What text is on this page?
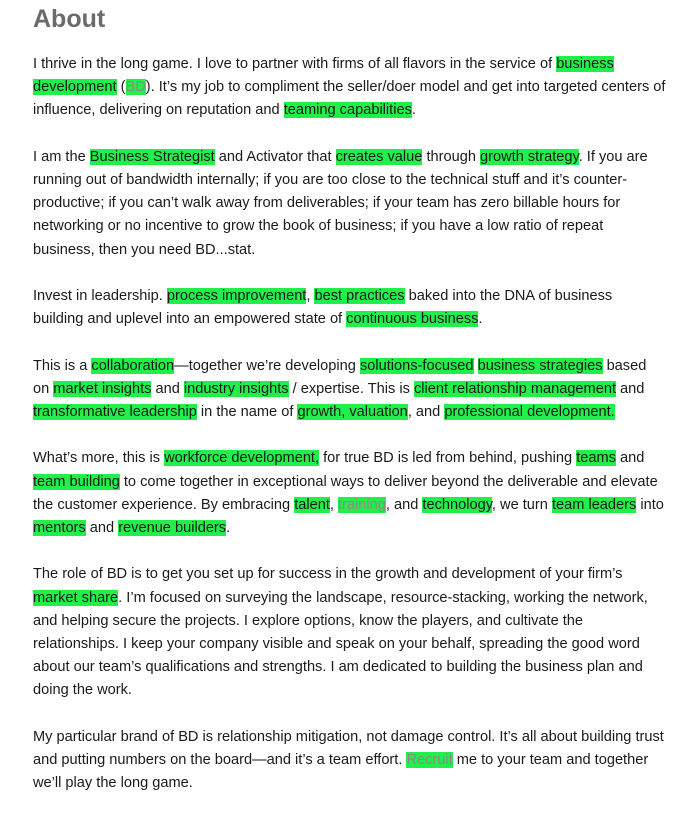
About

I thrive in the long game. I love to partner with firms of all flavors in the service of business development (BD). It’s my job to compliment the seller/doer model and get into targeted centers of influence, delivering on reputation and teaming capabilities.

I am the Business Strategist and Activator that creates value through growth strategy. If you are running out of bandwidth internally; if you are too close to the technical stuff and it’s counter-productive; if you can’t walk away from deliverables; if your team has zero billable hours for networking or no incentive to grow the book of business; if you have a low ratio of repeat business, then you need BD...stat.

Invest in leadership. process improvement, best practices baked into the DNA of business building and uplevel into an empowered state of continuous business.

This is a collaboration—together we’re developing solutions-focused business strategies based on market insights and industry insights / expertise. This is client relationship management and transformative leadership in the name of growth, valuation, and professional development.

What’s more, this is workforce development, for true BD is led from behind, pushing teams and team building to come together in exceptional ways to deliver beyond the deliverable and elevate the customer experience. By embracing talent, training, and technology, we turn team leaders into mentors and revenue builders.

The role of BD is to get you set up for success in the growth and development of your firm’s market share. I’m focused on surveying the landscape, resource-stacking, working the network, and helping secure the projects. I explore options, know the players, and cultivate the relationships. I keep your company visible and speak on your behalf, spreading the good word about our team’s qualifications and strengths. I am dedicated to building the business plan and doing the work.

My particular brand of BD is relationship mitigation, not damage control. It’s all about building trust and putting numbers on the board—and it’s a team effort. Recruit me to your team and together we’ll play the long game.
